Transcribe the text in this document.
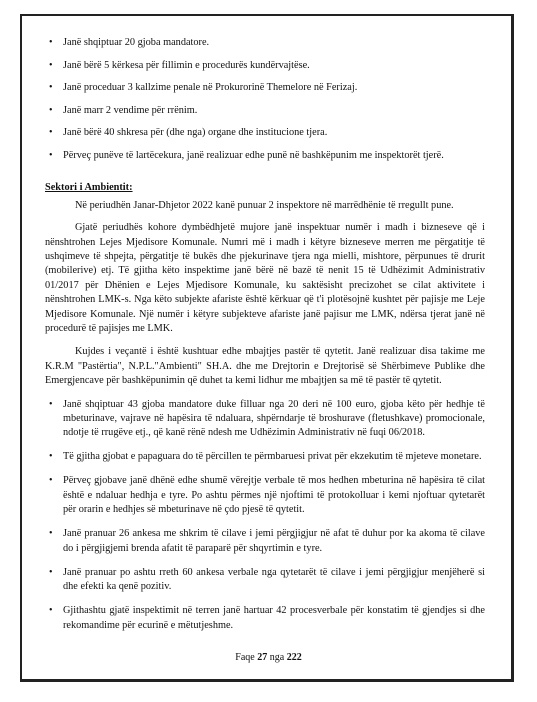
• Janë shqiptuar 20 gjoba mandatore.
• Janë bërë 5 kërkesa për fillimin e procedurës kundërvajtëse.
• Janë proceduar 3 kallzime penale në Prokurorinë Themelore në Ferizaj.
• Janë marr 2 vendime për rrënim.
• Janë bërë 40 shkresa për (dhe nga) organe dhe institucione tjera.
• Përveç punëve të lartëcekura, janë realizuar edhe punë në bashkëpunim me inspektorët tjerë.
Sektori i Ambientit:

Në periudhën Janar-Dhjetor 2022 kanë punuar 2 inspektore në marrëdhënie të rregullt pune.

Gjatë periudhës kohore dymbëdhjetë mujore janë inspektuar numër i madh i bizneseve që i nënshtrohen Lejes Mjedisore Komunale. Numri më i madh i këtyre bizneseve merren me përgatitje të ushqimeve të shpejta, përgatitje të bukës dhe pjekurinave tjera nga mielli, mishtore, përpunues të drurit (mobilerive) etj. Të gjitha këto inspektime janë bërë në bazë të nenit 15 të Udhëzimit Administrativ 01/2017 për Dhënien e Lejes Mjedisore Komunale, ku saktësisht precizohet se cilat aktivitete i nënshtrohen LMK-s. Nga këto subjekte afariste është kërkuar që t'i plotësojnë kushtet për pajisje me Leje Mjedisore Komunale. Një numër i këtyre subjekteve afariste janë pajisur me LMK, ndërsa tjerat janë në procedurë të pajisjes me LMK.

Kujdes i veçantë i është kushtuar edhe mbajtjes pastër të qytetit. Janë realizuar disa takime me K.R.M "Pastërtia", N.P.L."Ambienti" SH.A. dhe me Drejtorin e Drejtorisë së Shërbimeve Publike dhe Emergjencave për bashkëpunimin që duhet ta kemi lidhur me mbajtjen sa më të pastër të qytetit.

• Janë shqiptuar 43 gjoba mandatore duke filluar nga 20 deri në 100 euro, gjoba këto për hedhje të mbeturinave, vajrave në hapësira të ndaluara, shpërndarje të broshurave (fletushkave) promocionale, ndotje të rrugëve etj., që kanë rënë ndesh me Udhëzimin Administrativ në fuqi 06/2018.
• Të gjitha gjobat e papaguara do të përcillen te përmbaruesi privat për ekzekutim të mjeteve monetare.
• Përveç gjobave janë dhënë edhe shumë vërejtje verbale të mos hedhen mbeturina në hapësira të cilat është e ndaluar hedhja e tyre. Po ashtu përmes një njoftimi të protokolluar i kemi njoftuar qytetarët për orarin e hedhjes së mbeturinave në çdo pjesë të qytetit.
• Janë pranuar 26 ankesa me shkrim të cilave i jemi përgjigjur në afat të duhur por ka akoma të cilave do i përgjigjemi brenda afatit të paraparë për shqyrtimin e tyre.
• Janë pranuar po ashtu rreth 60 ankesa verbale nga qytetarët të cilave i jemi përgjigjur menjëherë si dhe efekti ka qenë pozitiv.
• Gjithashtu gjatë inspektimit në terren janë hartuar 42 procesverbale për konstatim të gjendjes si dhe rekomandime për ecurinë e mëtutjeshme.
Faqe 27 nga 222
